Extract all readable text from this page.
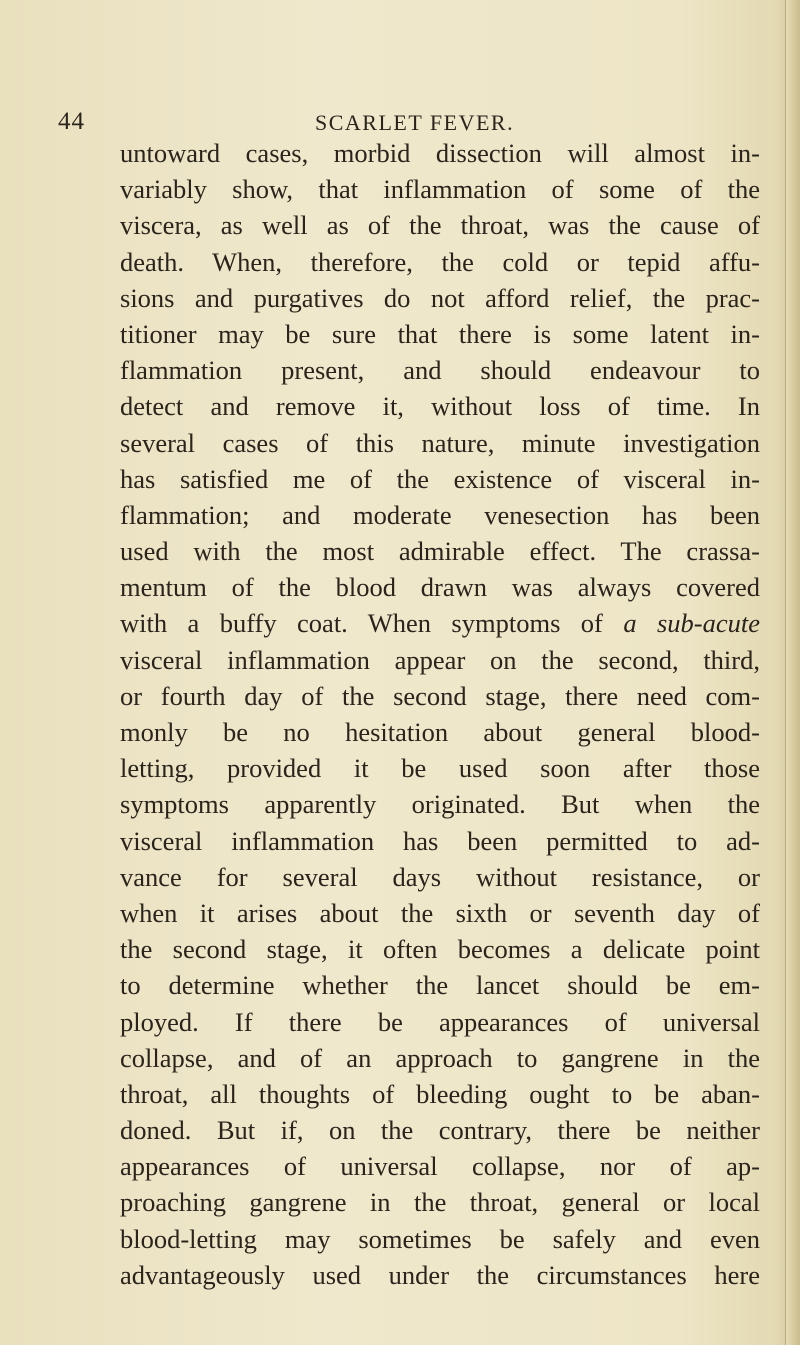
44	SCARLET FEVER.
untoward cases, morbid dissection will almost in-
variably show, that inflammation of some of the
viscera, as well as of the throat, was the cause of
death. When, therefore, the cold or tepid affu-
sions and purgatives do not afford relief, the prac-
titioner may be sure that there is some latent in-
flammation present, and should endeavour to
detect and remove it, without loss of time. In
several cases of this nature, minute investigation
has satisfied me of the existence of visceral in-
flammation; and moderate venesection has been
used with the most admirable effect. The crassa-
mentum of the blood drawn was always covered
with a buffy coat. When symptoms of a sub-acute
visceral inflammation appear on the second, third,
or fourth day of the second stage, there need com-
monly be no hesitation about general blood-
letting, provided it be used soon after those
symptoms apparently originated. But when the
visceral inflammation has been permitted to ad-
vance for several days without resistance, or
when it arises about the sixth or seventh day of
the second stage, it often becomes a delicate point
to determine whether the lancet should be em-
ployed. If there be appearances of universal
collapse, and of an approach to gangrene in the
throat, all thoughts of bleeding ought to be aban-
doned. But if, on the contrary, there be neither
appearances of universal collapse, nor of ap-
proaching gangrene in the throat, general or local
blood-letting may sometimes be safely and even
advantageously used under the circumstances here
